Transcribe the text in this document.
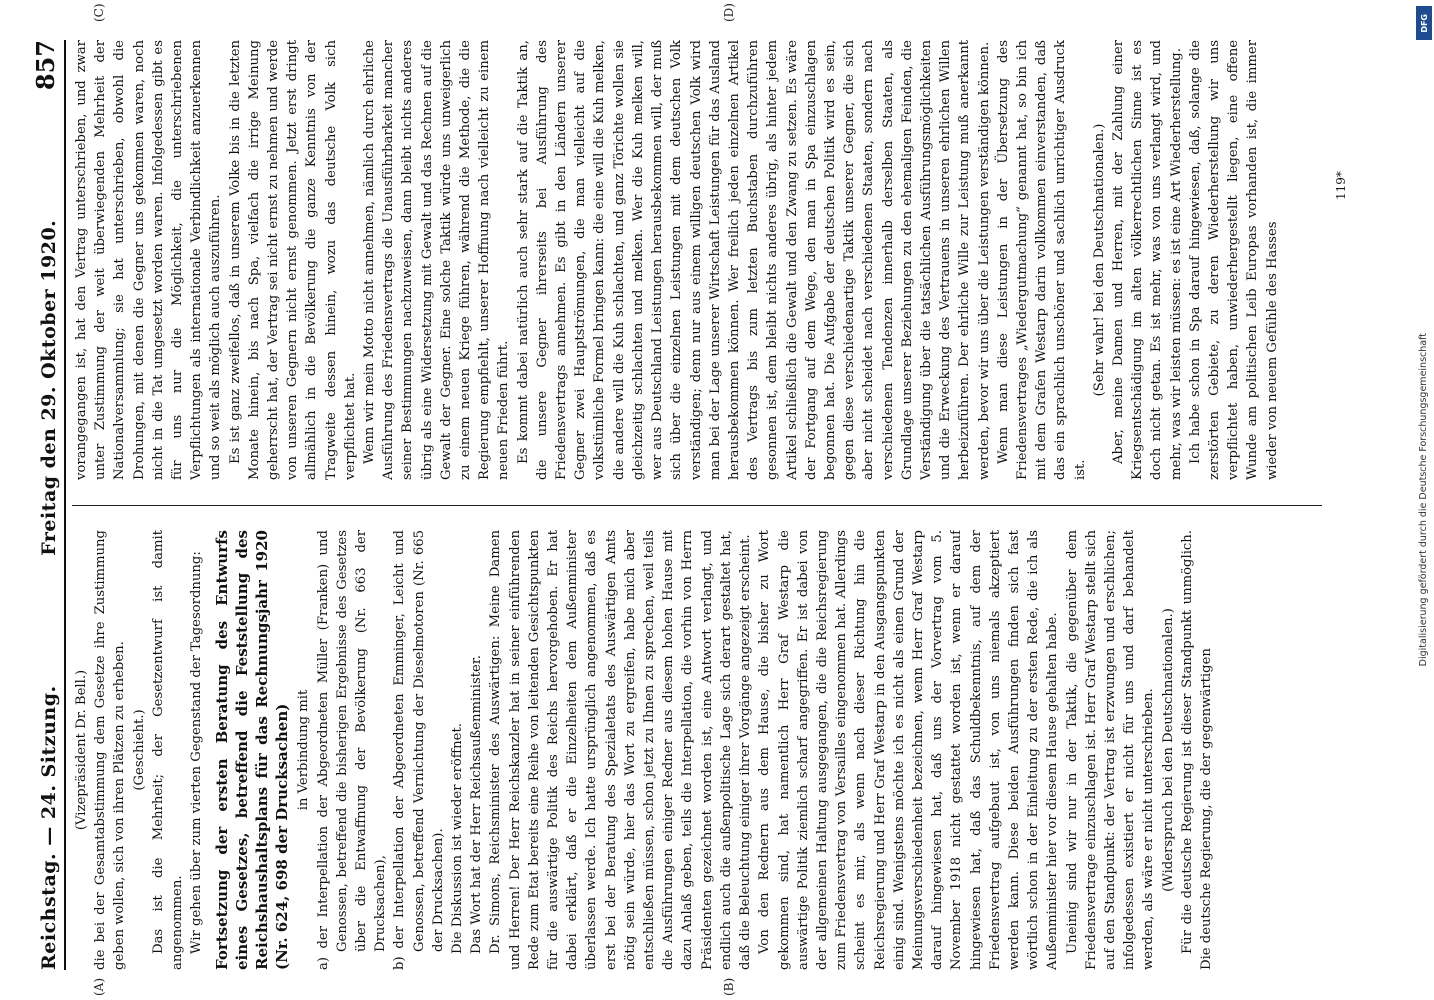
Reichstag. — 24. Sitzung.
Freitag den 29. Oktober 1920.
857
(A)	(B)
(C)	(D)

(Vizepräsident Dr. Bell.) die bei der Gesamtabstimmung dem Gesetze ihre Zustimmung geben wollen, sich von ihren Plätzen zu erheben. (Geschieht.) Das ist die Mehrheit; der Gesetzentwurf ist damit angenommen. Wir gehen über zum vierten Gegenstand der Tagesordnung: Fortsetzung der ersten Beratung des Entwurfs eines Gesetzes, betreffend die Feststellung des Reichshaushaltsplans für das Rechnungsjahr 1920 (Nr. 624, 698 der Drucksachen) in Verbindung mit a) der Interpellation der Abgeordneten Müller (Franken) und Genossen, betreffend die bisherigen Ergebnisse des Gesetzes über die Entwaffnung der Bevölkerung (Nr. 663 der Drucksachen), b) der Interpellation der Abgeordneten Emminger, Leicht und Genossen, betreffend Vernichtung der Dieselmotoren (Nr. 665 der Drucksachen). Die Diskussion ist wieder eröffnet. Das Wort hat der Herr Reichsaußenminister. Dr. Simons, Reichsminister des Auswärtigen: Meine Damen und Herren! Der Herr Reichskanzler hat in seiner einführenden Rede zum Etat bereits eine Reihe von leitenden Gesichtspunkten für die auswärtige Politik des Reichs hervorgehoben. Er hat dabei erklärt, daß er die Einzelheiten dem Außenminister überlassen werde. Ich hatte ursprünglich angenommen, daß es erst bei der Beratung des Spezialetats des Auswärtigen Amts nötig sein würde, hier das Wort zu ergreifen, habe mich aber entschließen müssen, schon jetzt zu Ihnen zu sprechen, weil teils die Ausführungen einiger Redner aus diesem hohen Hause mit dazu Anlaß geben, teils die Interpellation, die vorhin von Herrn Präsidenten gezeichnet worden ist, eine Antwort verlangt, und endlich auch die außenpolitische Lage sich derart gestaltet hat, daß die Beleuchtung einiger ihrer Vorgänge angezeigt erscheint. Von den Rednern aus dem Hause, die bisher zu Wort gekommen sind, hat namentlich Herr Graf Westarp die auswärtige Politik ziemlich scharf angegriffen. Er ist dabei von der allgemeinen Haltung ausgegangen, die die Reichsregierung zum Friedensvertrag von Versailles eingenommen hat. Allerdings scheint es mir, als wenn nach dieser Richtung hin die Reichsregierung und Herr Graf Westarp in den Ausgangspunkten einig sind. Wenigstens möchte ich es nicht als einen Grund der Meinungsverschiedenheit bezeichnen, wenn Herr Graf Westarp darauf hingewiesen hat, daß uns der Vorvertrag vom 5. November 1918 nicht gestattet worden ist, wenn er darauf hingewiesen hat, daß das Schuldbekenntnis, auf dem der Friedensvertrag aufgebaut ist, von uns niemals akzeptiert werden kann. Diese beiden Ausführungen finden sich fast wörtlich schon in der Einleitung zu der ersten Rede, die ich als Außenminister hier vor diesem Hause gehalten habe. Uneinig sind wir nur in der Taktik, die gegenüber dem Friedensvertrage einzuschlagen ist. Herr Graf Westarp stellt sich auf den Standpunkt: der Vertrag ist erzwungen und erschlichen; infolgedessen existiert er nicht für uns und darf behandelt werden, als wäre er nicht unterschrieben. (Widerspruch bei den Deutschnationalen.) Für die deutsche Regierung ist dieser Standpunkt unmöglich. Die deutsche Regierung, die der gegenwärtigen

vorangegangen ist, hat den Vertrag unterschrieben, und zwar unter Zustimmung der weit überwiegenden Mehrheit der Nationalversammlung; sie hat unterschrieben, obwohl die Drohungen, mit denen die Gegner uns gekommen waren, noch nicht in die Tat umgesetzt worden waren. Infolgedessen gibt es für uns nur die Möglichkeit, die unterschriebenen Verpflichtungen als internationale Verbindlichkeit anzuerkennen und so weit als möglich auch auszuführen. Es ist ganz zweifellos, daß in unserem Volke bis in die letzten Monate hinein, bis nach Spa, vielfach die irrige Meinung geherrscht hat, der Vertrag sei nicht ernst zu nehmen und werde von unseren Gegnern nicht ernst genommen. Jetzt erst dringt allmählich in die Bevölkerung die ganze Kenntnis von der Tragweite dessen hinein, wozu das deutsche Volk sich verpflichtet hat. Wenn wir mein Motto nicht annehmen, nämlich durch ehrliche Ausführung des Friedensvertrags die Unausführbarkeit mancher seiner Bestimmungen nachzuweisen, dann bleibt nichts anderes übrig als eine Widersetzung mit Gewalt und das Rechnen auf die Gewalt der Gegner. Eine solche Taktik würde uns unweigerlich zu einem neuen Kriege führen, während die Methode, die die Regierung empfiehlt, unserer Hoffnung nach vielleicht zu einem neuen Frieden führt. Es kommt dabei natürlich auch sehr stark auf die Taktik an, die unsere Gegner ihrerseits bei Ausführung des Friedensvertrags annehmen. Es gibt in den Ländern unserer Gegner zwei Hauptströmungen, die man vielleicht auf die volkstümliche Formel bringen kann: die eine will die Kuh melken, die andere will die Kuh schlachten, und ganz Törichte wollen sie gleichzeitig schlachten und melken. Wer die Kuh melken will, wer aus Deutschland Leistungen herausbekommen will, der muß sich über die einzelnen Leistungen mit dem deutschen Volk verständigen; denn nur aus einem willigen deutschen Volk wird man bei der Lage unserer Wirtschaft Leistungen für das Ausland herausbekommen können. Wer freilich jeden einzelnen Artikel des Vertrags bis zum letzten Buchstaben durchzuführen gesonnen ist, dem bleibt nichts anderes übrig, als hinter jedem Artikel schließlich die Gewalt und den Zwang zu setzen. Es wäre der Fortgang auf dem Wege, den man in Spa einzuschlagen begonnen hat. Die Aufgabe der deutschen Politik wird es sein, gegen diese verschiedenartige Taktik unserer Gegner, die sich aber nicht scheidet nach verschiedenen Staaten, sondern nach verschiedenen Tendenzen innerhalb derselben Staaten, als Grundlage unserer Beziehungen zu den ehemaligen Feinden, die Verständigung über die tatsächlichen Ausführungsmöglichkeiten und die Erweckung des Vertrauens in unseren ehrlichen Willen herbeizuführen. Der ehrliche Wille zur Leistung muß anerkannt werden, bevor wir uns über die Leistungen verständigen können. Wenn man diese Leistungen in der Übersetzung des Friedensvertrages „Wiedergutmachung“ genannt hat, so bin ich mit dem Grafen Westarp darin vollkommen einverstanden, daß das ein sprachlich unschöner und sachlich unrichtiger Ausdruck ist.

(Sehr wahr! bei den Deutschnationalen.) Aber, meine Damen und Herren, mit der Zahlung einer Kriegsentschädigung im alten völkerrechtlichen Sinne ist es doch nicht getan. Es ist mehr, was von uns verlangt wird, und mehr, was wir leisten müssen: es ist eine Art Wiederherstellung. Ich habe schon in Spa darauf hingewiesen, daß, solange die zerstörten Gebiete, zu deren Wiederherstellung wir uns verpflichtet haben, unwiederhergestellt liegen, eine offene Wunde am politischen Leib Europas vorhanden ist, die immer wieder von neuem Gefühle des Hasses

119*
DFG
Digitalisierung gefördert durch die Deutsche Forschungsgemeinschaft
